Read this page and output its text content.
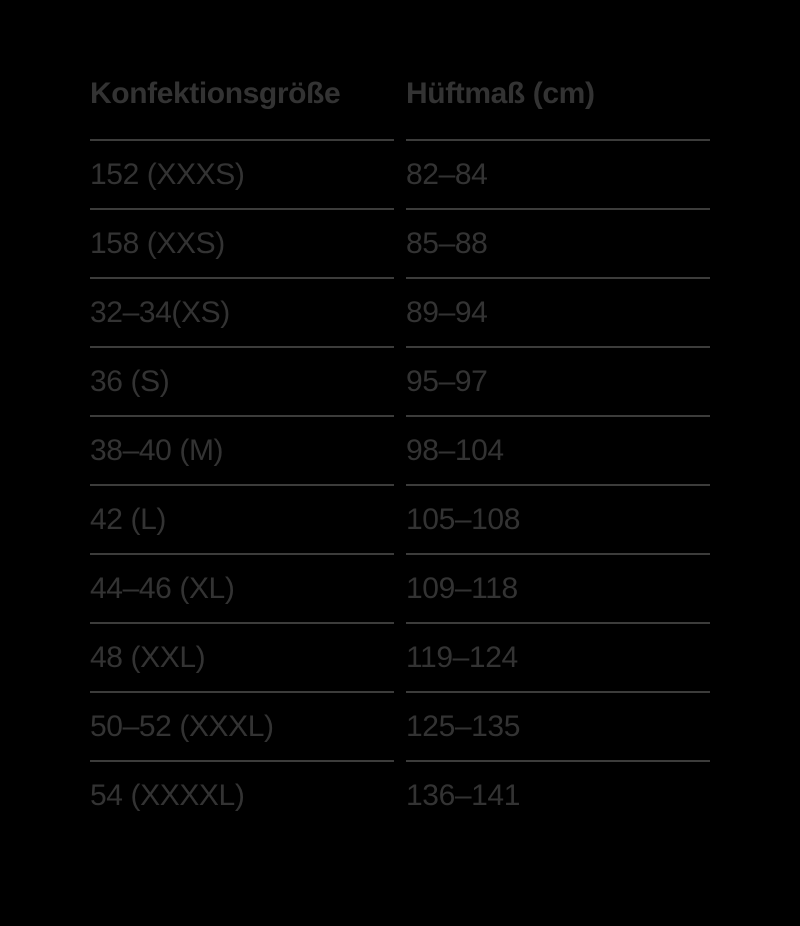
Konfektionsgröße	Hüftmaß (cm)
152 (XXXS)	82–84
158 (XXS)	85–88
32–34(XS)	89–94
36 (S)	95–97
38–40 (M)	98–104
42 (L)	105–108
44–46 (XL)	109–118
48 (XXL)	119–124
50–52 (XXXL)	125–135
54 (XXXXL)	136–141
